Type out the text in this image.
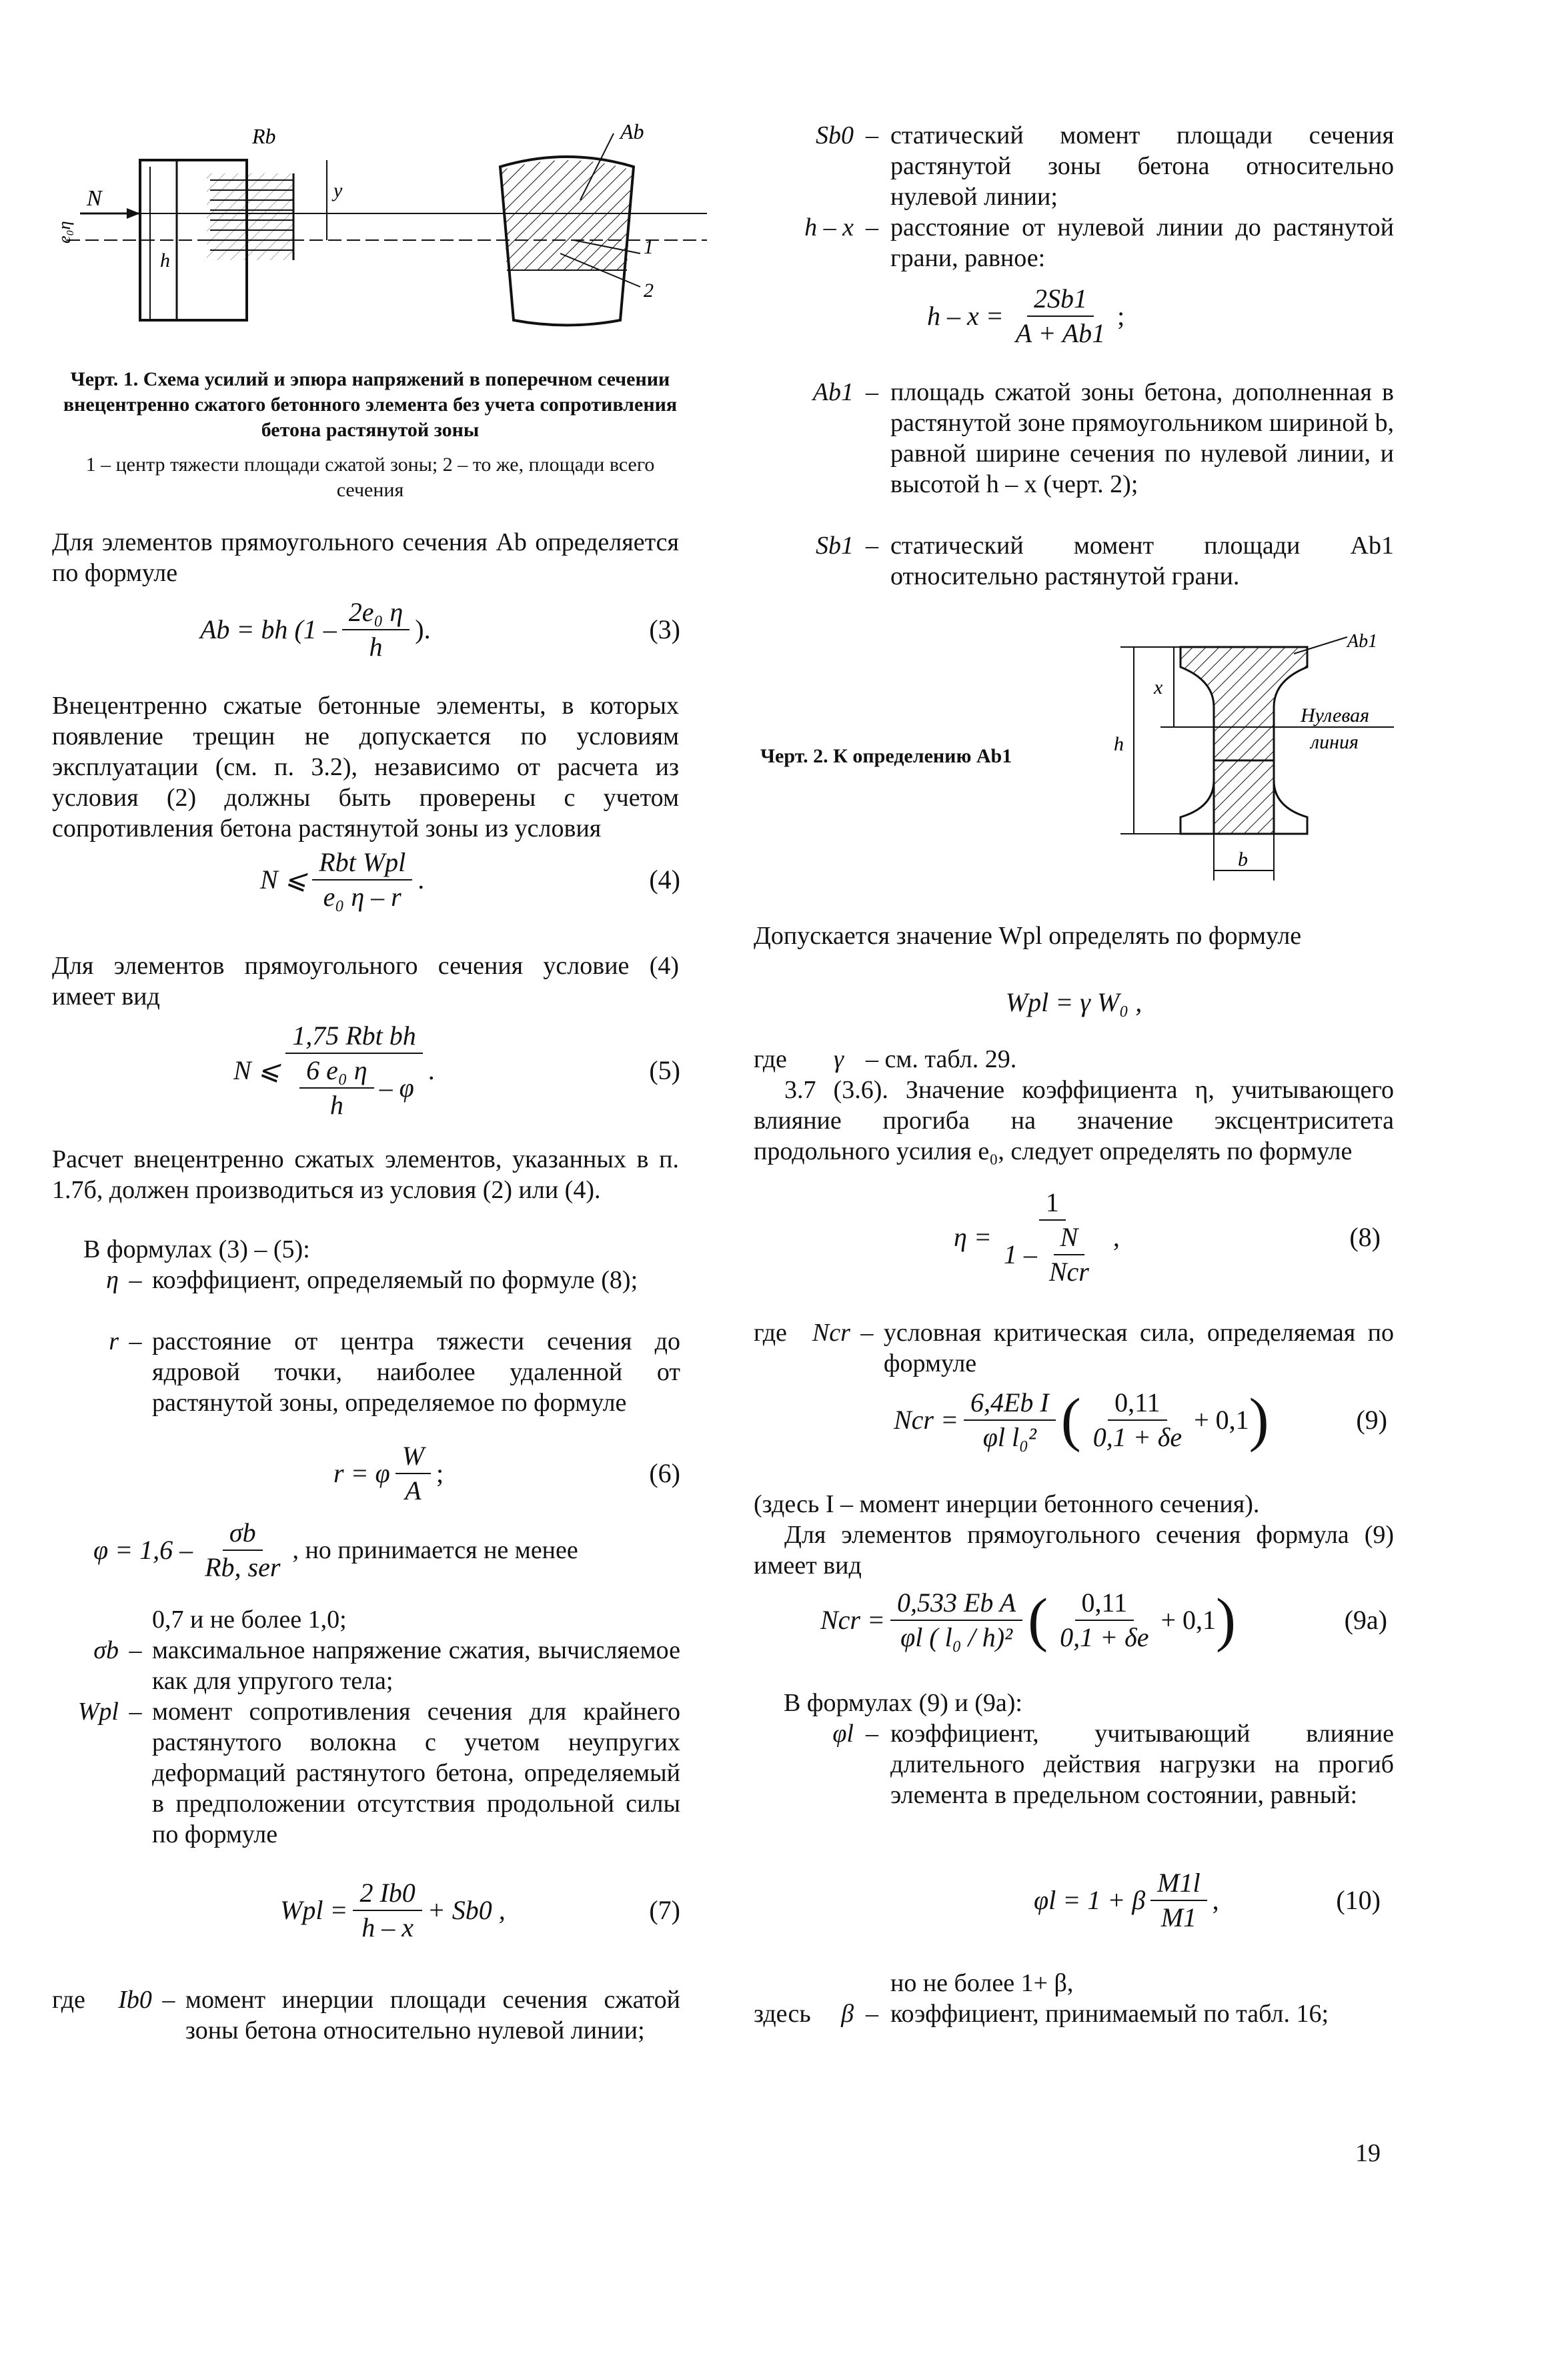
Rb	Ab
N
e₀η
h
y
1
2
Черт. 1. Схема усилий и эпюра напряжений в поперечном сечении внецентренно сжатого бетонного элемента без учета сопротивления бетона растянутой зоны
1 – центр тяжести площади сжатой зоны; 2 – то же, площади всего сечения
Для элементов прямоугольного сечения Ab определяется по формуле
Ab = bh ($1 - \frac{\text{2e₀ η}}{h}$ ).	(3)
Внецентренно сжатые бетонные элементы, в которых появление трещин не допускается по условиям эксплуатации (см. п. 3.2), независимо от расчета из условия (2) должны быть проверены с учетом сопротивления бетона растянутой зоны из условия
N ⩽ $\frac{\text{Rbt Wpl}}{\text{e₀ η – r}}$ .	(4)
Для элементов прямоугольного сечения условие (4) имеет вид
N ⩽ $\frac{\text{1,75 Rbt bh}}{\frac{\text{6 e₀ η}}{h} - \varphi}$ .	(5)
Расчет внецентренно сжатых элементов, указанных в п. 1.7б, должен производиться из условия (2) или (4).
В формулах (3) – (5):
η – коэффициент, определяемый по формуле (8);
r – расстояние от центра тяжести сечения до ядровой точки, наиболее удаленной от растянутой зоны, определяемое по формуле
r = φ $\frac{W}{A}$ ;	(6)
$\varphi = 1,6 - \frac{\sigma b}{\text{Rb, ser}}$ , но принимается не менее
0,7 и не более 1,0;
σb – максимальное напряжение сжатия, вычисляемое как для упругого тела;
Wpl – момент сопротивления сечения для крайнего растянутого волокна с учетом неупругих деформаций растянутого бетона, определяемый в предположении отсутствия продольной силы по формуле
Wpl = $\frac{2 Ib0}{h - x} + Sb0$ ,	(7)
где	Ib0 – момент инерции площади сечения сжатой зоны бетона относительно нулевой линии;
Sb0 – статический момент площади сечения растянутой зоны бетона относительно нулевой линии;
h – x – расстояние от нулевой линии до растянутой грани, равное:
$h - x = \frac{2Sb1}{A + Ab1}$ ;
Ab1 – площадь сжатой зоны бетона, дополненная в растянутой зоне прямоугольником шириной b, равной ширине сечения по нулевой линии, и высотой h – x (черт. 2);
Sb1 – статический момент площади Ab1 относительно растянутой грани.
Черт. 2. К определению Ab1
Ab1
Нулевая
линия
h
x
b
Допускается значение Wpl определять по формуле
Wpl = γ W₀ ,
где	γ – см. табл. 29.
3.7 (3.6). Значение коэффициента η, учитывающего влияние прогиба на значение эксцентриситета продольного усилия e₀, следует определять по формуле
$\eta = \frac{1}{1 - \frac{N}{\text{Ncr}}}$ ,	(8)
где	Ncr – условная критическая сила, определяемая по формуле
Ncr = $\frac{\text{6,4Eb I}}{\text{φl l₀²}}$ ( $\frac{0,11}{0,1 + \delta e} + 0,1$ )	(9)
(здесь I – момент инерции бетонного сечения).
Для элементов прямоугольного сечения формула (9) имеет вид
Ncr = $\frac{\text{0,533 Eb A}}{\text{φl ( l₀ / h)²}}$ ( $\frac{0,11}{0,1 + \delta e} + 0,1$ )	(9а)
В формулах (9) и (9а):
φl – коэффициент, учитывающий влияние длительного действия нагрузки на прогиб элемента в предельном состоянии, равный:
φl = 1 + β $\frac{M1l}{M1}$ ,	(10)
но не более 1+ β,
здесь	β – коэффициент, принимаемый по табл. 16;
19
